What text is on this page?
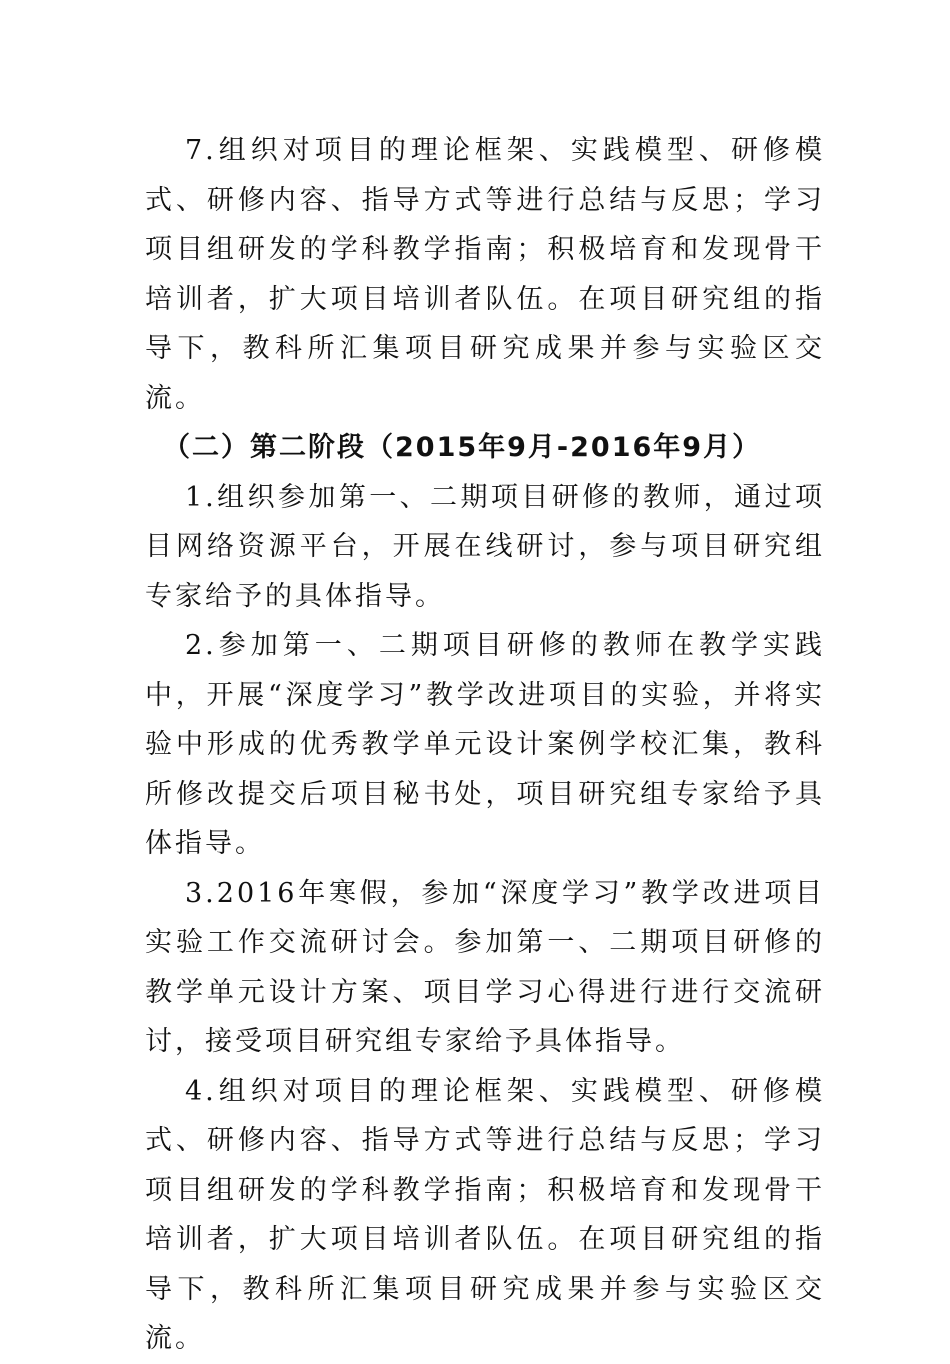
7.组织对项目的理论框架、实践模型、研修模式、研修内容、指导方式等进行总结与反思；学习项目组研发的学科教学指南；积极培育和发现骨干培训者，扩大项目培训者队伍。在项目研究组的指导下，教科所汇集项目研究成果并参与实验区交流。

（二）第二阶段（2015年9月-2016年9月）

1.组织参加第一、二期项目研修的教师，通过项目网络资源平台，开展在线研讨，参与项目研究组专家给予的具体指导。

2.参加第一、二期项目研修的教师在教学实践中，开展“深度学习”教学改进项目的实验，并将实验中形成的优秀教学单元设计案例学校汇集，教科所修改提交后项目秘书处，项目研究组专家给予具体指导。

3.2016年寒假，参加“深度学习”教学改进项目实验工作交流研讨会。参加第一、二期项目研修的教学单元设计方案、项目学习心得进行进行交流研讨，接受项目研究组专家给予具体指导。

4.组织对项目的理论框架、实践模型、研修模式、研修内容、指导方式等进行总结与反思；学习项目组研发的学科教学指南；积极培育和发现骨干培训者，扩大项目培训者队伍。在项目研究组的指导下，教科所汇集项目研究成果并参与实验区交流。
